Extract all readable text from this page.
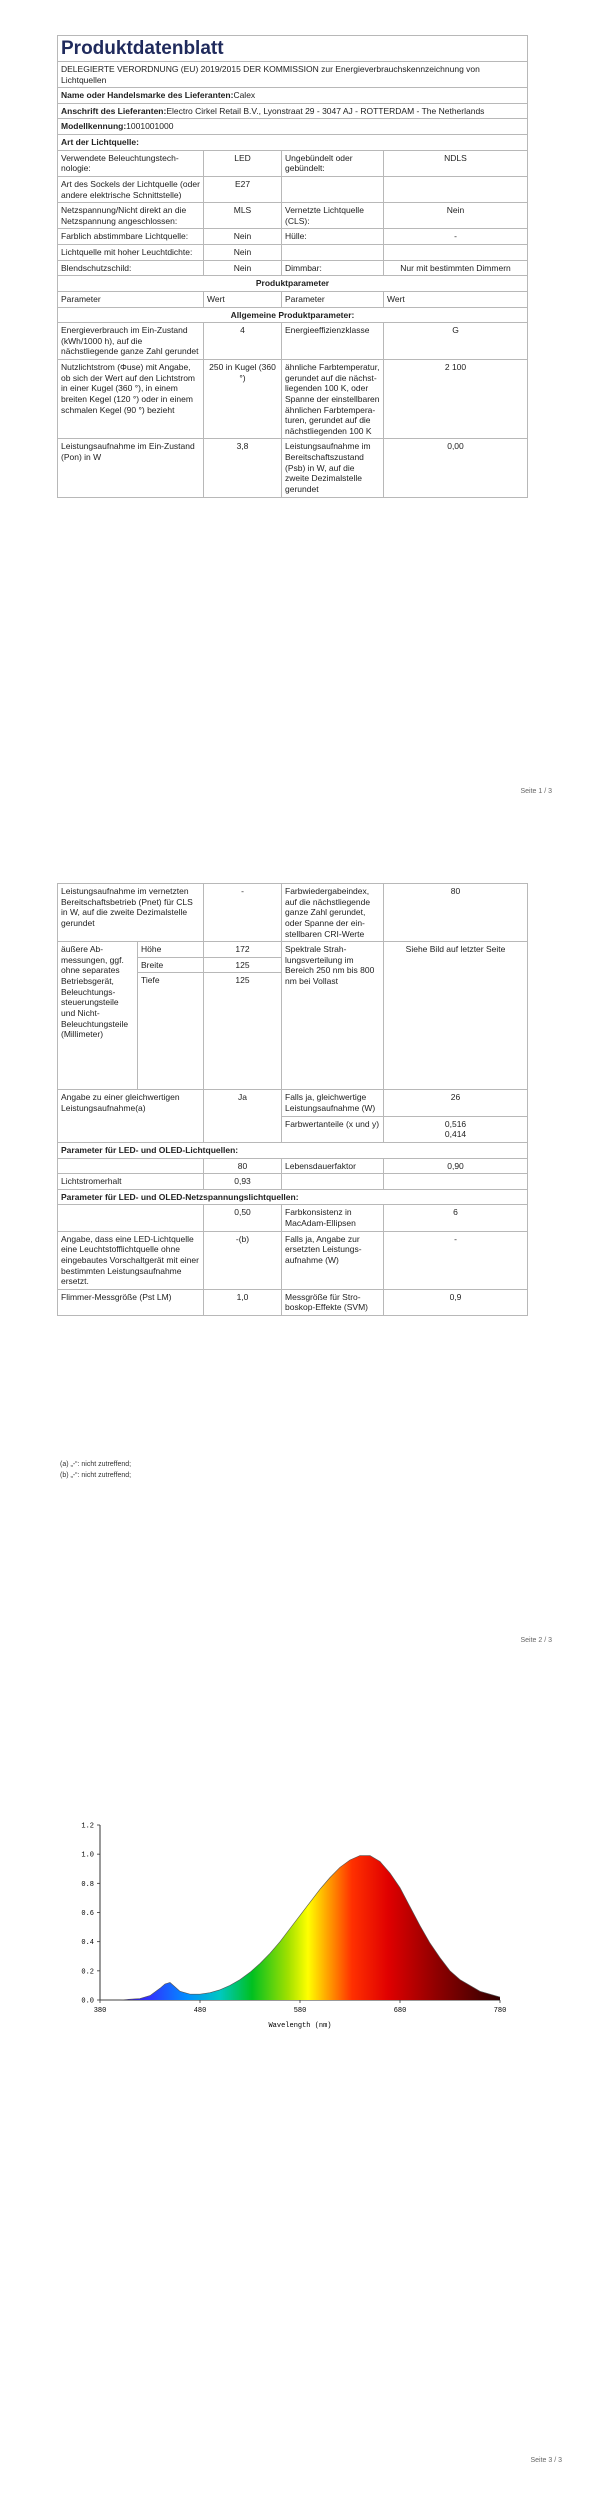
Produktdatenblatt			
DELEGIERTE VERORDNUNG (EU) 2019/2015 DER KOMMISSION zur Energieverbrauchskennzeichnung von Lichtquellen			
Name oder Handelsmarke des Lieferanten:Calex			
Anschrift des Lieferanten:Electro Cirkel Retail B.V., Lyonstraat 29 - 3047 AJ - ROTTERDAM - The Netherlands			
Modellkennung:1001001000			
Art der Lichtquelle:			
Verwendete Beleuchtungstechnologie:	LED	Ungebündelt oder gebündelt:	NDLS
Art des Sockels der Lichtquelle (oder andere elektrische Schnittstelle)	E27		
Netzspannung/Nicht direkt an die Netzspannung angeschlossen:	MLS	Vernetzte Lichtquelle (CLS):	Nein
Farblich abstimmbare Lichtquelle:	Nein	Hülle:	-
Lichtquelle mit hoher Leuchtdichte:	Nein		
Blendschutzschild:	Nein	Dimmbar:	Nur mit bestimmten Dimmern
Produktparameter			
Parameter	Wert	Parameter	Wert
Allgemeine Produktparameter:			
Energieverbrauch im Ein-Zustand (kWh/1000 h), auf die nächstliegende ganze Zahl gerundet	4	Energieeffizienzklasse	G
Nutzlichtstrom (Φuse) mit Angabe, ob sich der Wert auf den Lichtstrom in einer Kugel (360 °), in einem breiten Kegel (120 °) oder in einem schmalen Kegel (90 °) bezieht	250 in Kugel (360 °)	ähnliche Farbtemperatur, gerundet auf die nächstliegenden 100 K, oder Spanne der einstellbaren ähnlichen Farbtemperaturen, gerundet auf die nächstliegenden 100 K	2 100
Leistungsaufnahme im Ein-Zustand (Pon) in W	3,8	Leistungsaufnahme im Bereitschaftszustand (Psb) in W, auf die zweite Dezimalstelle gerundet	0,00
Seite 1 / 3
Leistungsaufnahme im vernetzten Bereitschaftsbetrieb (Pnet) für CLS in W, auf die zweite Dezimalstelle gerundet		-	Farbwiedergabeindex, auf die nächstliegende ganze Zahl gerundet, oder Spanne der einstellbaren CRI-Werte	80
äußere Abmessungen, ggf. ohne separates Betriebsgerät, Beleuchtungssteuerungsteile und Nicht-Beleuchtungsteile (Millimeter)	Höhe	172	Spektrale Strahlungsverteilung im Bereich 250 nm bis 800 nm bei Vollast	Siehe Bild auf letzter Seite
	Breite	125		
	Tiefe	125		
Angabe zu einer gleichwertigen Leistungsaufnahme(a)		Ja	Falls ja, gleichwertige Leistungsaufnahme (W)	26
			Farbwertanteile (x und y)	0,516
0,414
Parameter für LED- und OLED-Lichtquellen:				
		80	Lebensdauerfaktor	0,90
Lichtstromerhalt		0,93		
Parameter für LED- und OLED-Netzspannungslichtquellen:				
		0,50	Farbkonsistenz in MacAdam-Ellipsen	6
Angabe, dass eine LED-Lichtquelle eine Leuchtstofflichtquelle ohne eingebautes Vorschaltgerät mit einer bestimmten Leistungsaufnahme ersetzt.		-(b)	Falls ja, Angabe zur ersetzten Leistungsaufnahme (W)	-
Flimmer-Messgröße (Pst LM)		1,0	Messgröße für Stroboskop-Effekte (SVM)	0,9
(a) „-“: nicht zutreffend;
(b) „-“: nicht zutreffend;
Seite 2 / 3
0.0
0.2
0.4
0.6
0.8
1.0
1.2
380	480	580	680	780
Wavelength (nm)
Seite 3 / 3
